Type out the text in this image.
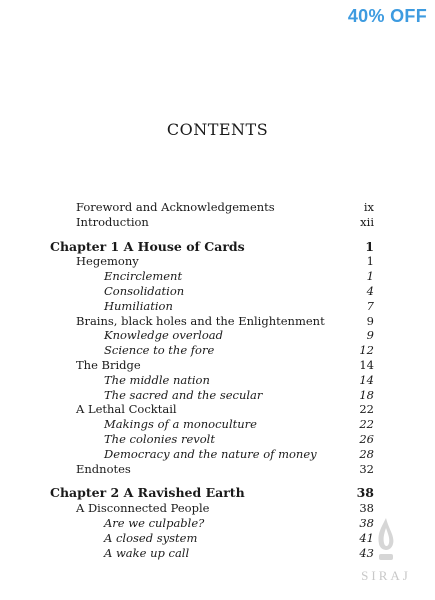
40% OFF
CONTENTS
Foreword and Acknowledgements	ix
Introduction	xii
Chapter 1 A House of Cards	1
Hegemony	1
Encirclement	1
Consolidation	4
Humiliation	7
Brains, black holes and the Enlightenment	9
Knowledge overload	9
Science to the fore	12
The Bridge	14
The middle nation	14
The sacred and the secular	18
A Lethal Cocktail	22
Makings of a monoculture	22
The colonies revolt	26
Democracy and the nature of money	28
Endnotes	32
Chapter 2 A Ravished Earth	38
A Disconnected People	38
Are we culpable?	38
A closed system	41
A wake up call	43
SIRAJ
